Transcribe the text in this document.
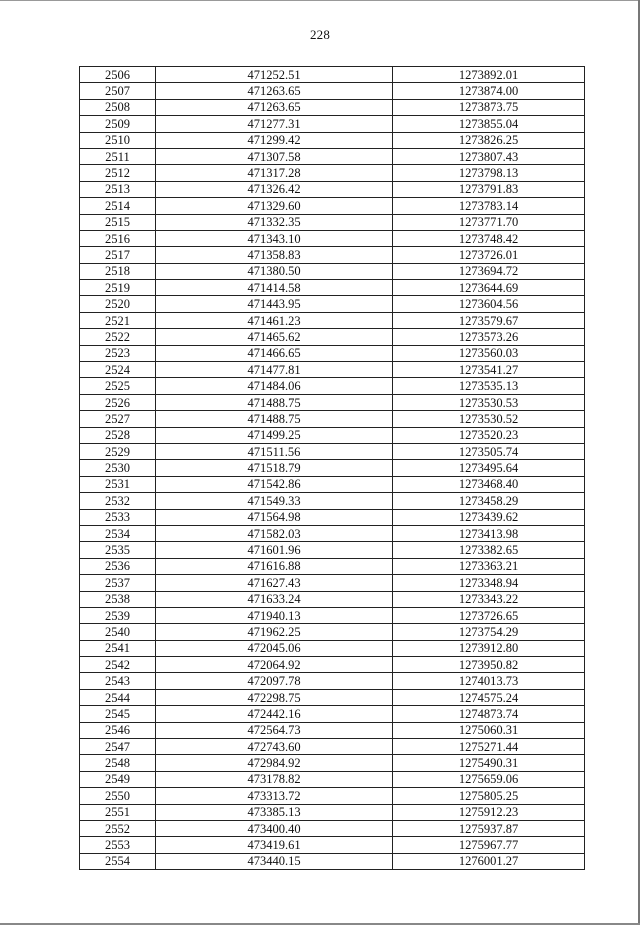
228
2506	471252.51	1273892.01
2507	471263.65	1273874.00
2508	471263.65	1273873.75
2509	471277.31	1273855.04
2510	471299.42	1273826.25
2511	471307.58	1273807.43
2512	471317.28	1273798.13
2513	471326.42	1273791.83
2514	471329.60	1273783.14
2515	471332.35	1273771.70
2516	471343.10	1273748.42
2517	471358.83	1273726.01
2518	471380.50	1273694.72
2519	471414.58	1273644.69
2520	471443.95	1273604.56
2521	471461.23	1273579.67
2522	471465.62	1273573.26
2523	471466.65	1273560.03
2524	471477.81	1273541.27
2525	471484.06	1273535.13
2526	471488.75	1273530.53
2527	471488.75	1273530.52
2528	471499.25	1273520.23
2529	471511.56	1273505.74
2530	471518.79	1273495.64
2531	471542.86	1273468.40
2532	471549.33	1273458.29
2533	471564.98	1273439.62
2534	471582.03	1273413.98
2535	471601.96	1273382.65
2536	471616.88	1273363.21
2537	471627.43	1273348.94
2538	471633.24	1273343.22
2539	471940.13	1273726.65
2540	471962.25	1273754.29
2541	472045.06	1273912.80
2542	472064.92	1273950.82
2543	472097.78	1274013.73
2544	472298.75	1274575.24
2545	472442.16	1274873.74
2546	472564.73	1275060.31
2547	472743.60	1275271.44
2548	472984.92	1275490.31
2549	473178.82	1275659.06
2550	473313.72	1275805.25
2551	473385.13	1275912.23
2552	473400.40	1275937.87
2553	473419.61	1275967.77
2554	473440.15	1276001.27
